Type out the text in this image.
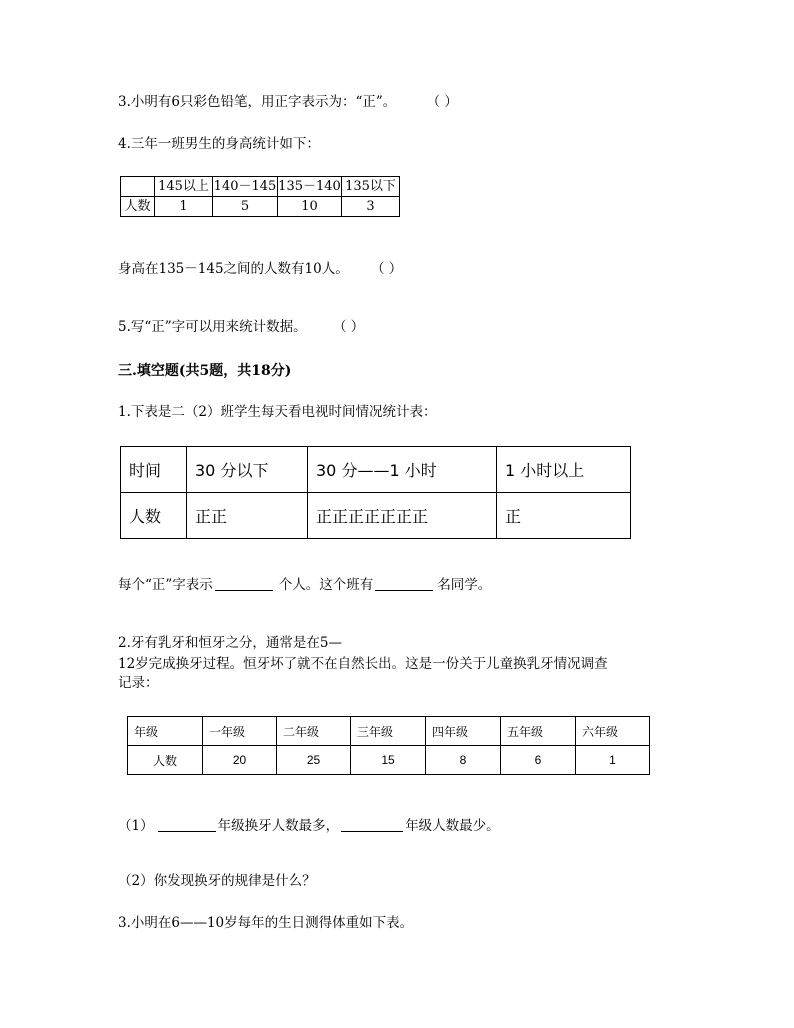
3.小明有6只彩色铅笔，用正字表示为：“正”。 （ ）
4.三年一班男生的身高统计如下：
	145以上	140－145	135－140	135以下
人数	1	5	10	3
身高在135－145之间的人数有10人。 （ ）
5.写“正”字可以用来统计数据。 （ ）
三.填空题(共5题，共18分)
1.下表是二（2）班学生每天看电视时间情况统计表：
时间	30 分以下	30 分——1 小时	1 小时以上
人数	正正	正正正正正正正	正
每个“正”字表示	个人。这个班有	名同学。
2.牙有乳牙和恒牙之分，通常是在5—
12岁完成换牙过程。恒牙坏了就不在自然长出。这是一份关于儿童换乳牙情况调查
记录：
年级	一年级	二年级	三年级	四年级	五年级	六年级
人数	20	25	15	8	6	1
（1）	年级换牙人数最多，	年级人数最少。
（2）你发现换牙的规律是什么？
3.小明在6——10岁每年的生日测得体重如下表。
